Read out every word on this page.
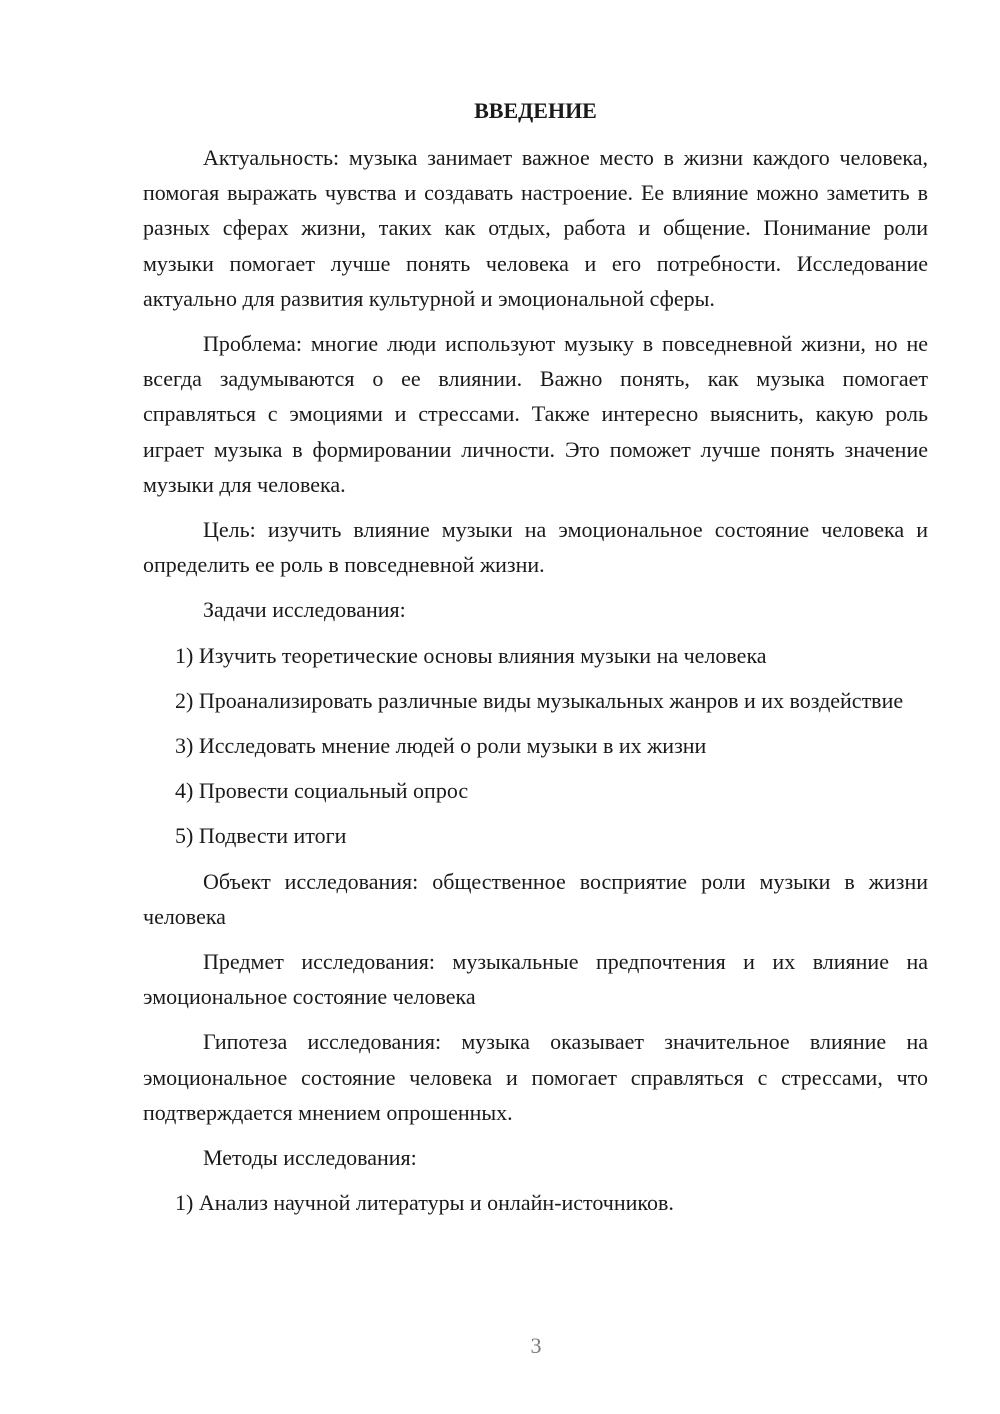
ВВЕДЕНИЕ

Актуальность: музыка занимает важное место в жизни каждого человека, помогая выражать чувства и создавать настроение. Ее влияние можно заметить в разных сферах жизни, таких как отдых, работа и общение. Понимание роли музыки помогает лучше понять человека и его потребности. Исследование актуально для развития культурной и эмоциональной сферы.

Проблема: многие люди используют музыку в повседневной жизни, но не всегда задумываются о ее влиянии. Важно понять, как музыка помогает справляться с эмоциями и стрессами. Также интересно выяснить, какую роль играет музыка в формировании личности. Это поможет лучше понять значение музыки для человека.

Цель: изучить влияние музыки на эмоциональное состояние человека и определить ее роль в повседневной жизни.

Задачи исследования:

1) Изучить теоретические основы влияния музыки на человека

2) Проанализировать различные виды музыкальных жанров и их воздействие

3) Исследовать мнение людей о роли музыки в их жизни

4) Провести социальный опрос

5) Подвести итоги

Объект исследования: общественное восприятие роли музыки в жизни человека

Предмет исследования: музыкальные предпочтения и их влияние на эмоциональное состояние человека

Гипотеза исследования: музыка оказывает значительное влияние на эмоциональное состояние человека и помогает справляться с стрессами, что подтверждается мнением опрошенных.

Методы исследования:

1) Анализ научной литературы и онлайн-источников.

3
